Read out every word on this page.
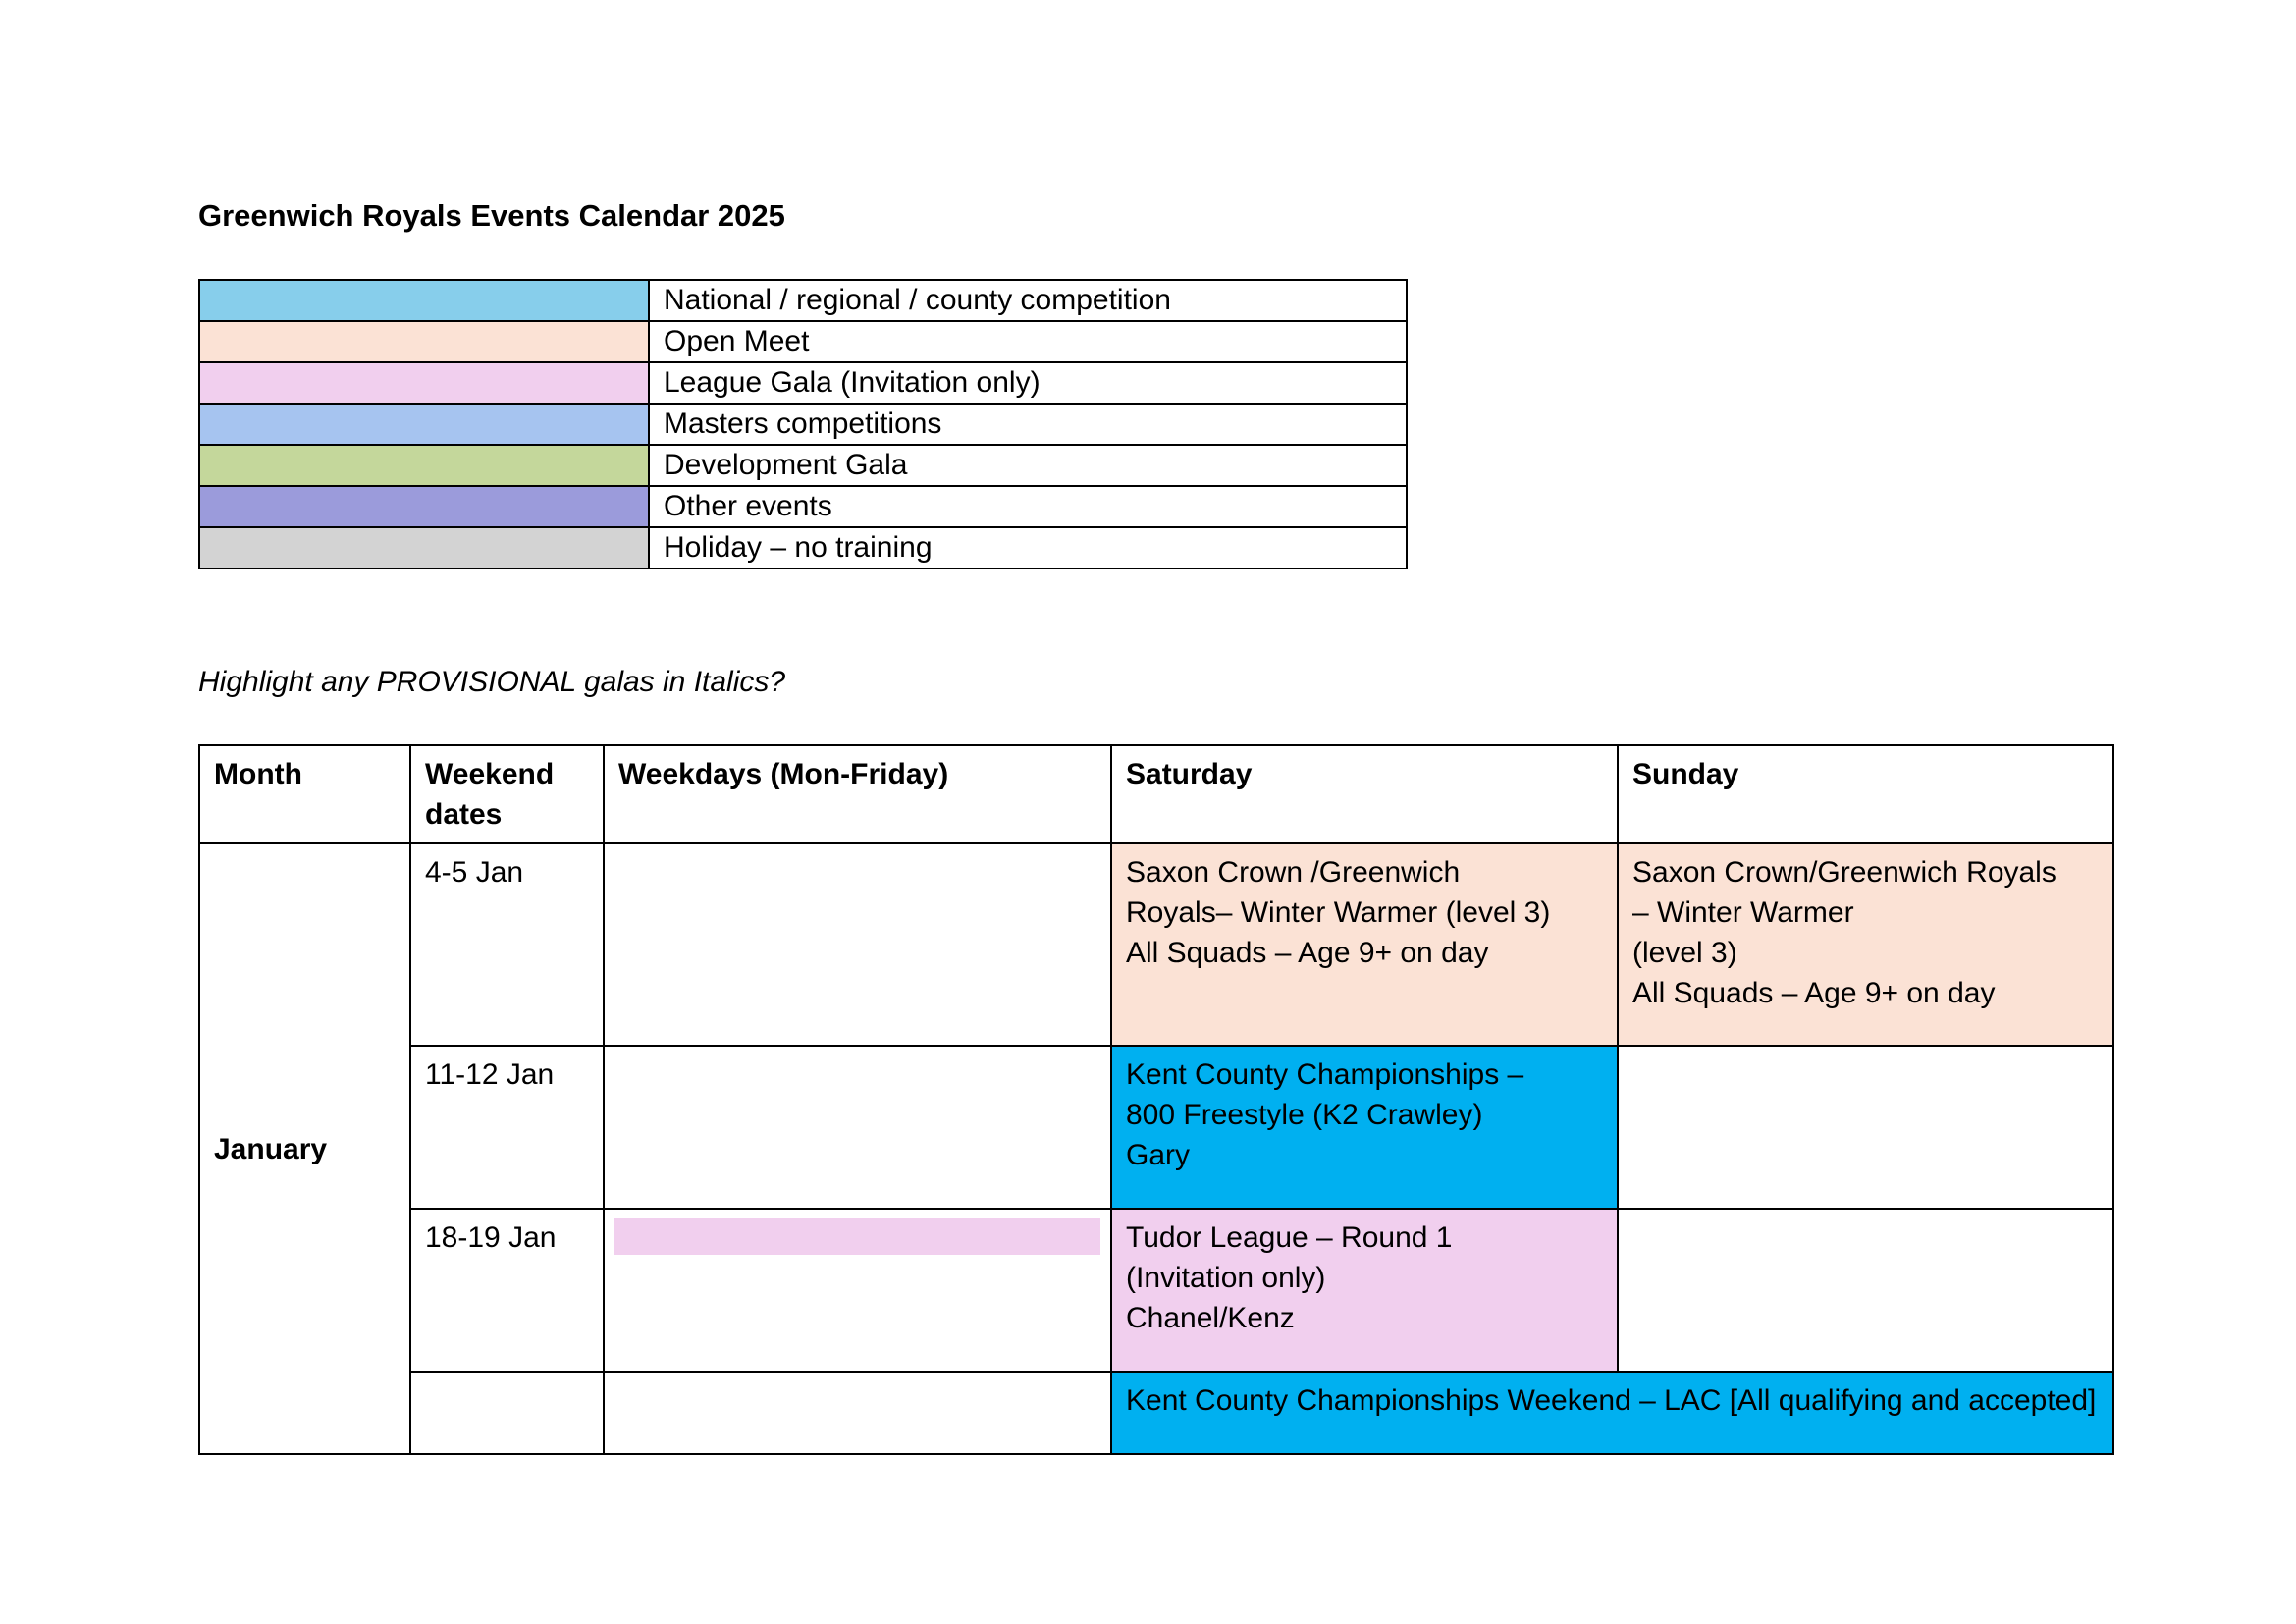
Greenwich Royals Events Calendar 2025
	National / regional / county competition
	Open Meet
	League Gala (Invitation only)
	Masters competitions
	Development Gala
	Other events
	Holiday – no training
Highlight any PROVISIONAL galas in Italics?
Month	Weekend dates	Weekdays (Mon-Friday)	Saturday	Sunday
January	4-5 Jan		Saxon Crown /Greenwich
Royals– Winter Warmer (level 3)
All Squads – Age 9+ on day	Saxon Crown/Greenwich Royals
– Winter Warmer
(level 3)
All Squads – Age 9+ on day

	11-12 Jan		Kent County Championships –
800 Freestyle (K2 Crawley)
Gary	

	18-19 Jan		Tudor League – Round 1
(Invitation only)
Chanel/Kenz	

			Kent County Championships Weekend – LAC [All qualifying and accepted]	
